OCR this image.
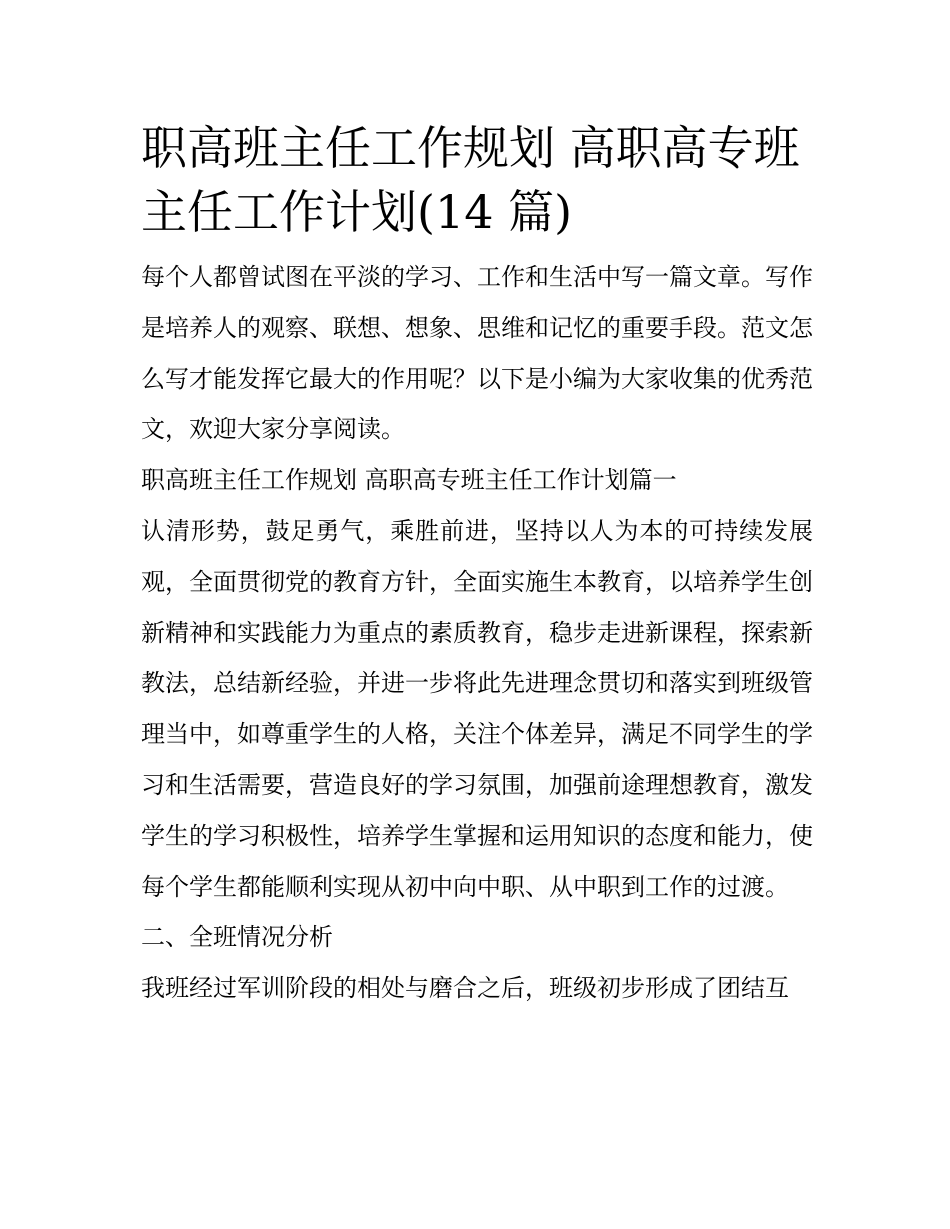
职高班主任工作规划 高职高专班主任工作计划(14 篇)

每个人都曾试图在平淡的学习、工作和生活中写一篇文章。写作是培养人的观察、联想、想象、思维和记忆的重要手段。范文怎么写才能发挥它最大的作用呢？以下是小编为大家收集的优秀范文，欢迎大家分享阅读。

职高班主任工作规划 高职高专班主任工作计划篇一

认清形势，鼓足勇气，乘胜前进，坚持以人为本的可持续发展观，全面贯彻党的教育方针，全面实施生本教育，以培养学生创新精神和实践能力为重点的素质教育，稳步走进新课程，探索新教法，总结新经验，并进一步将此先进理念贯切和落实到班级管理当中，如尊重学生的人格，关注个体差异，满足不同学生的学习和生活需要，营造良好的学习氛围，加强前途理想教育，激发学生的学习积极性，培养学生掌握和运用知识的态度和能力，使每个学生都能顺利实现从初中向中职、从中职到工作的过渡。

二、全班情况分析

我班经过军训阶段的相处与磨合之后，班级初步形成了团结互
